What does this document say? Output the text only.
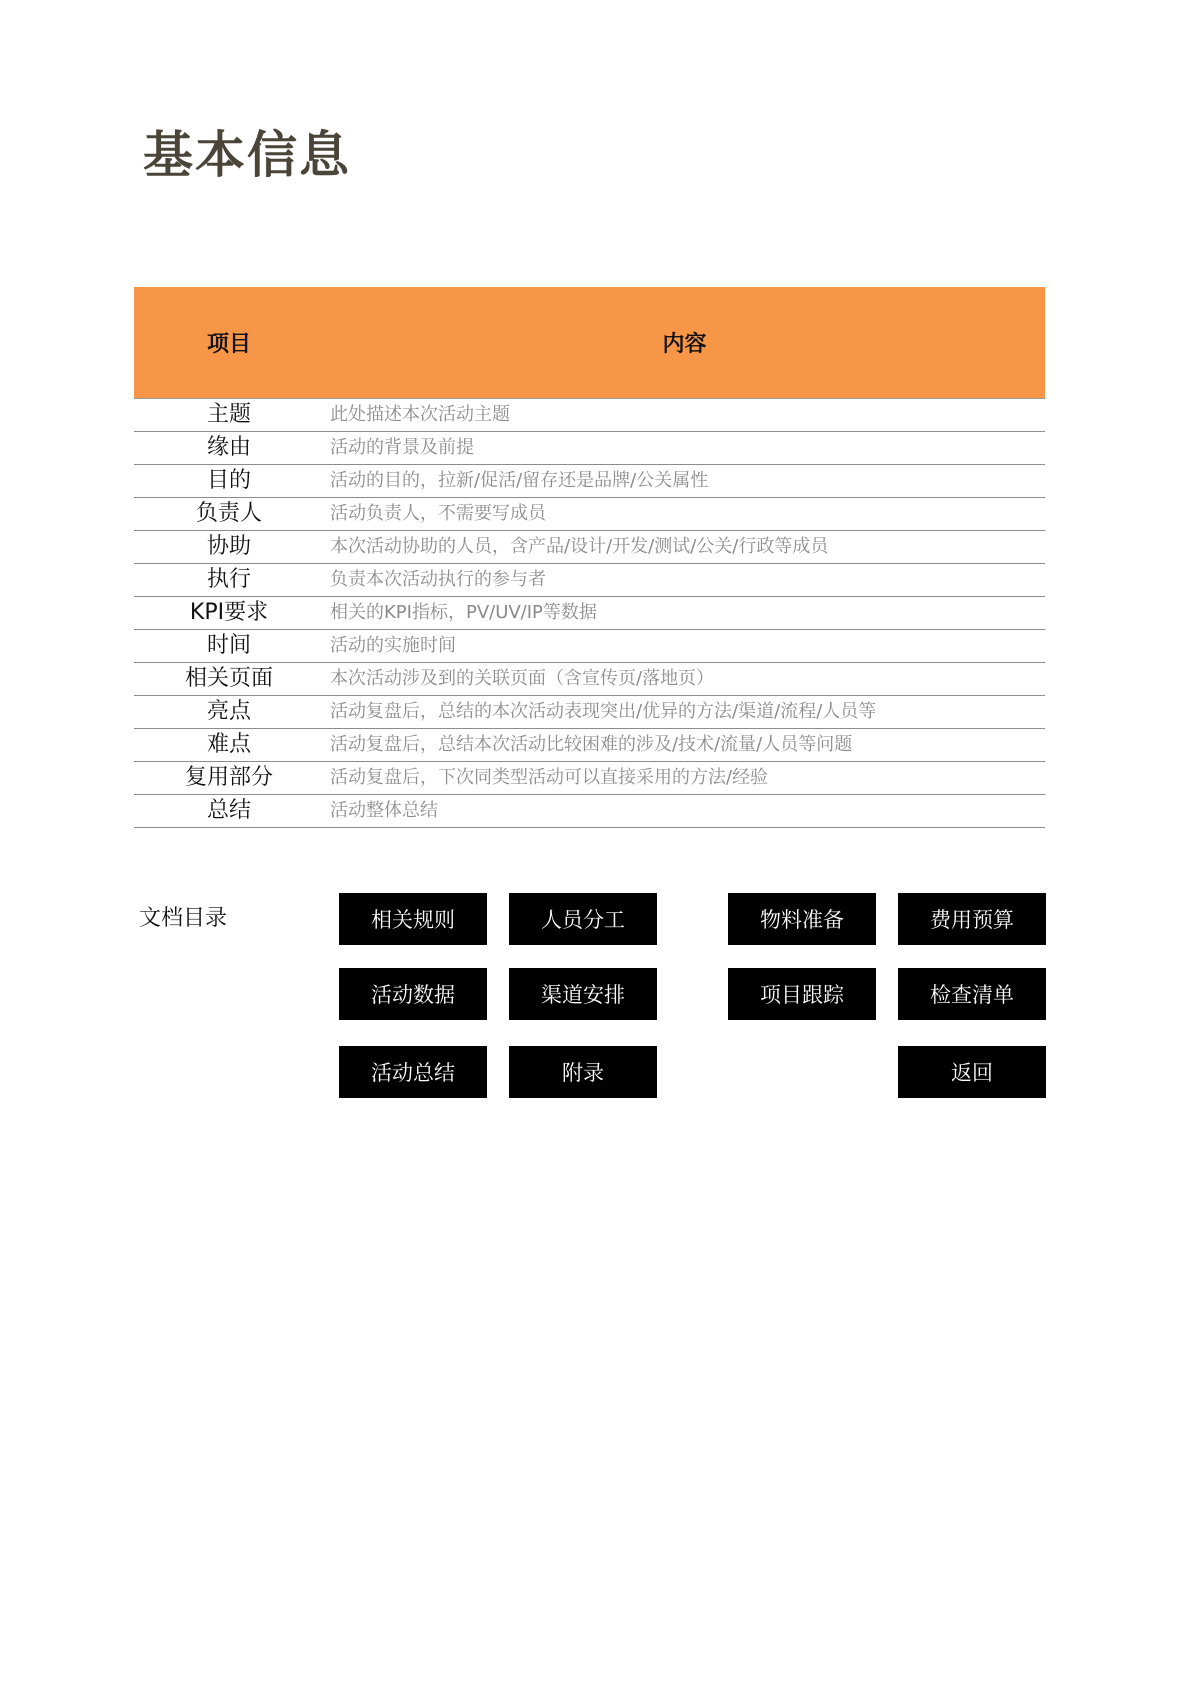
基本信息
项目	内容
主题	此处描述本次活动主题
缘由	活动的背景及前提
目的	活动的目的，拉新/促活/留存还是品牌/公关属性
负责人	活动负责人，不需要写成员
协助	本次活动协助的人员，含产品/设计/开发/测试/公关/行政等成员
执行	负责本次活动执行的参与者
KPI要求	相关的KPI指标，PV/UV/IP等数据
时间	活动的实施时间
相关页面	本次活动涉及到的关联页面（含宣传页/落地页）
亮点	活动复盘后，总结的本次活动表现突出/优异的方法/渠道/流程/人员等
难点	活动复盘后，总结本次活动比较困难的涉及/技术/流量/人员等问题
复用部分	活动复盘后，下次同类型活动可以直接采用的方法/经验
总结	活动整体总结
文档目录	相关规则	人员分工	物料准备	费用预算
活动数据	渠道安排	项目跟踪	检查清单
活动总结	附录	返回
